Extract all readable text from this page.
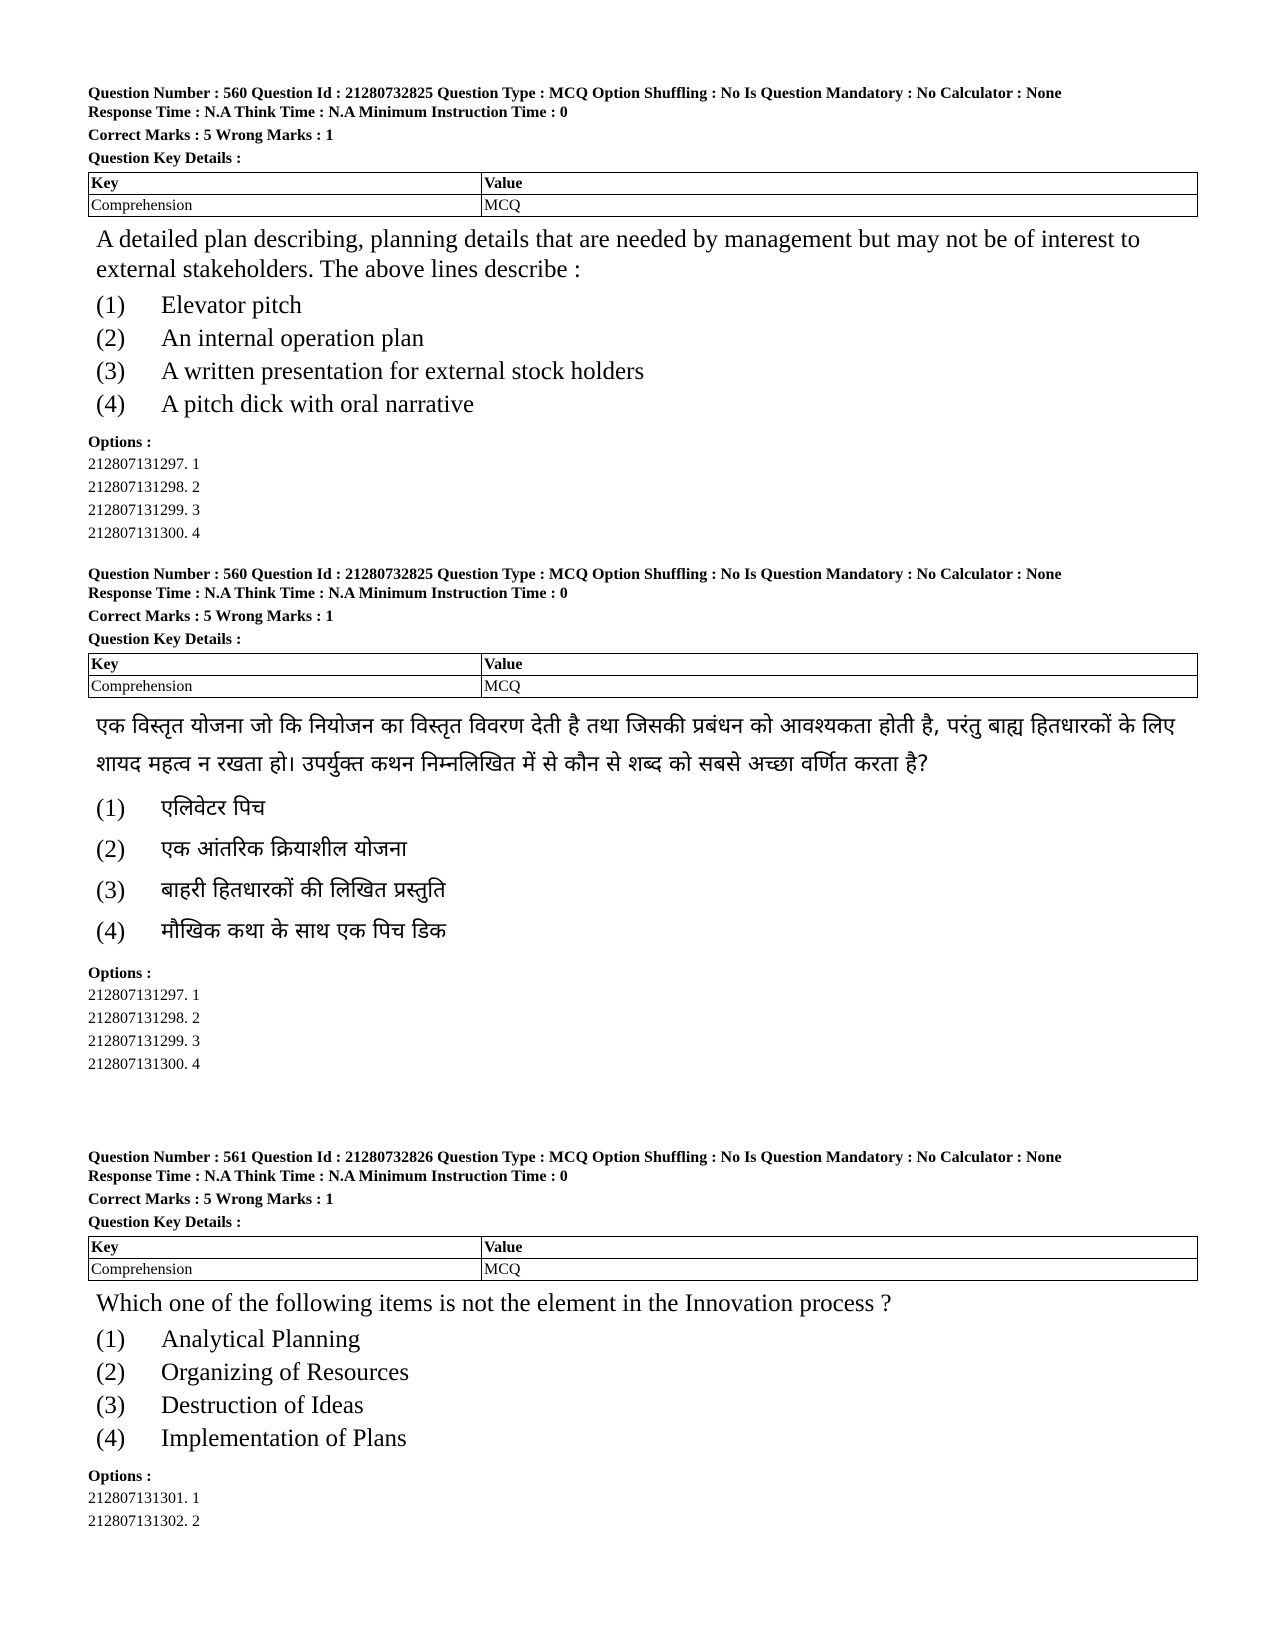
Question Number : 560 Question Id : 21280732825 Question Type : MCQ Option Shuffling : No Is Question Mandatory : No Calculator : None
Response Time : N.A Think Time : N.A Minimum Instruction Time : 0
Correct Marks : 5 Wrong Marks : 1
Question Key Details :
Key	Value
Comprehension	MCQ
A detailed plan describing, planning details that are needed by management but may not be of interest to external stakeholders. The above lines describe :
(1)	Elevator pitch
(2)	An internal operation plan
(3)	A written presentation for external stock holders
(4)	A pitch dick with oral narrative
Options :
212807131297. 1
212807131298. 2
212807131299. 3
212807131300. 4
Question Number : 560 Question Id : 21280732825 Question Type : MCQ Option Shuffling : No Is Question Mandatory : No Calculator : None
Response Time : N.A Think Time : N.A Minimum Instruction Time : 0
Correct Marks : 5 Wrong Marks : 1
Question Key Details :
Key	Value
Comprehension	MCQ
एक विस्तृत योजना जो कि नियोजन का विस्तृत विवरण देती है तथा जिसकी प्रबंधन को आवश्यकता होती है, परंतु बाह्य हितधारकों के लिए शायद महत्व न रखता हो। उपर्युक्त कथन निम्नलिखित में से कौन से शब्द को सबसे अच्छा वर्णित करता है?
(1)	एलिवेटर पिच
(2)	एक आंतरिक क्रियाशील योजना
(3)	बाहरी हितधारकों की लिखित प्रस्तुति
(4)	मौखिक कथा के साथ एक पिच डिक
Options :
212807131297. 1
212807131298. 2
212807131299. 3
212807131300. 4
Question Number : 561 Question Id : 21280732826 Question Type : MCQ Option Shuffling : No Is Question Mandatory : No Calculator : None
Response Time : N.A Think Time : N.A Minimum Instruction Time : 0
Correct Marks : 5 Wrong Marks : 1
Question Key Details :
Key	Value
Comprehension	MCQ
Which one of the following items is not the element in the Innovation process ?
(1)	Analytical Planning
(2)	Organizing of Resources
(3)	Destruction of Ideas
(4)	Implementation of Plans
Options :
212807131301. 1
212807131302. 2
